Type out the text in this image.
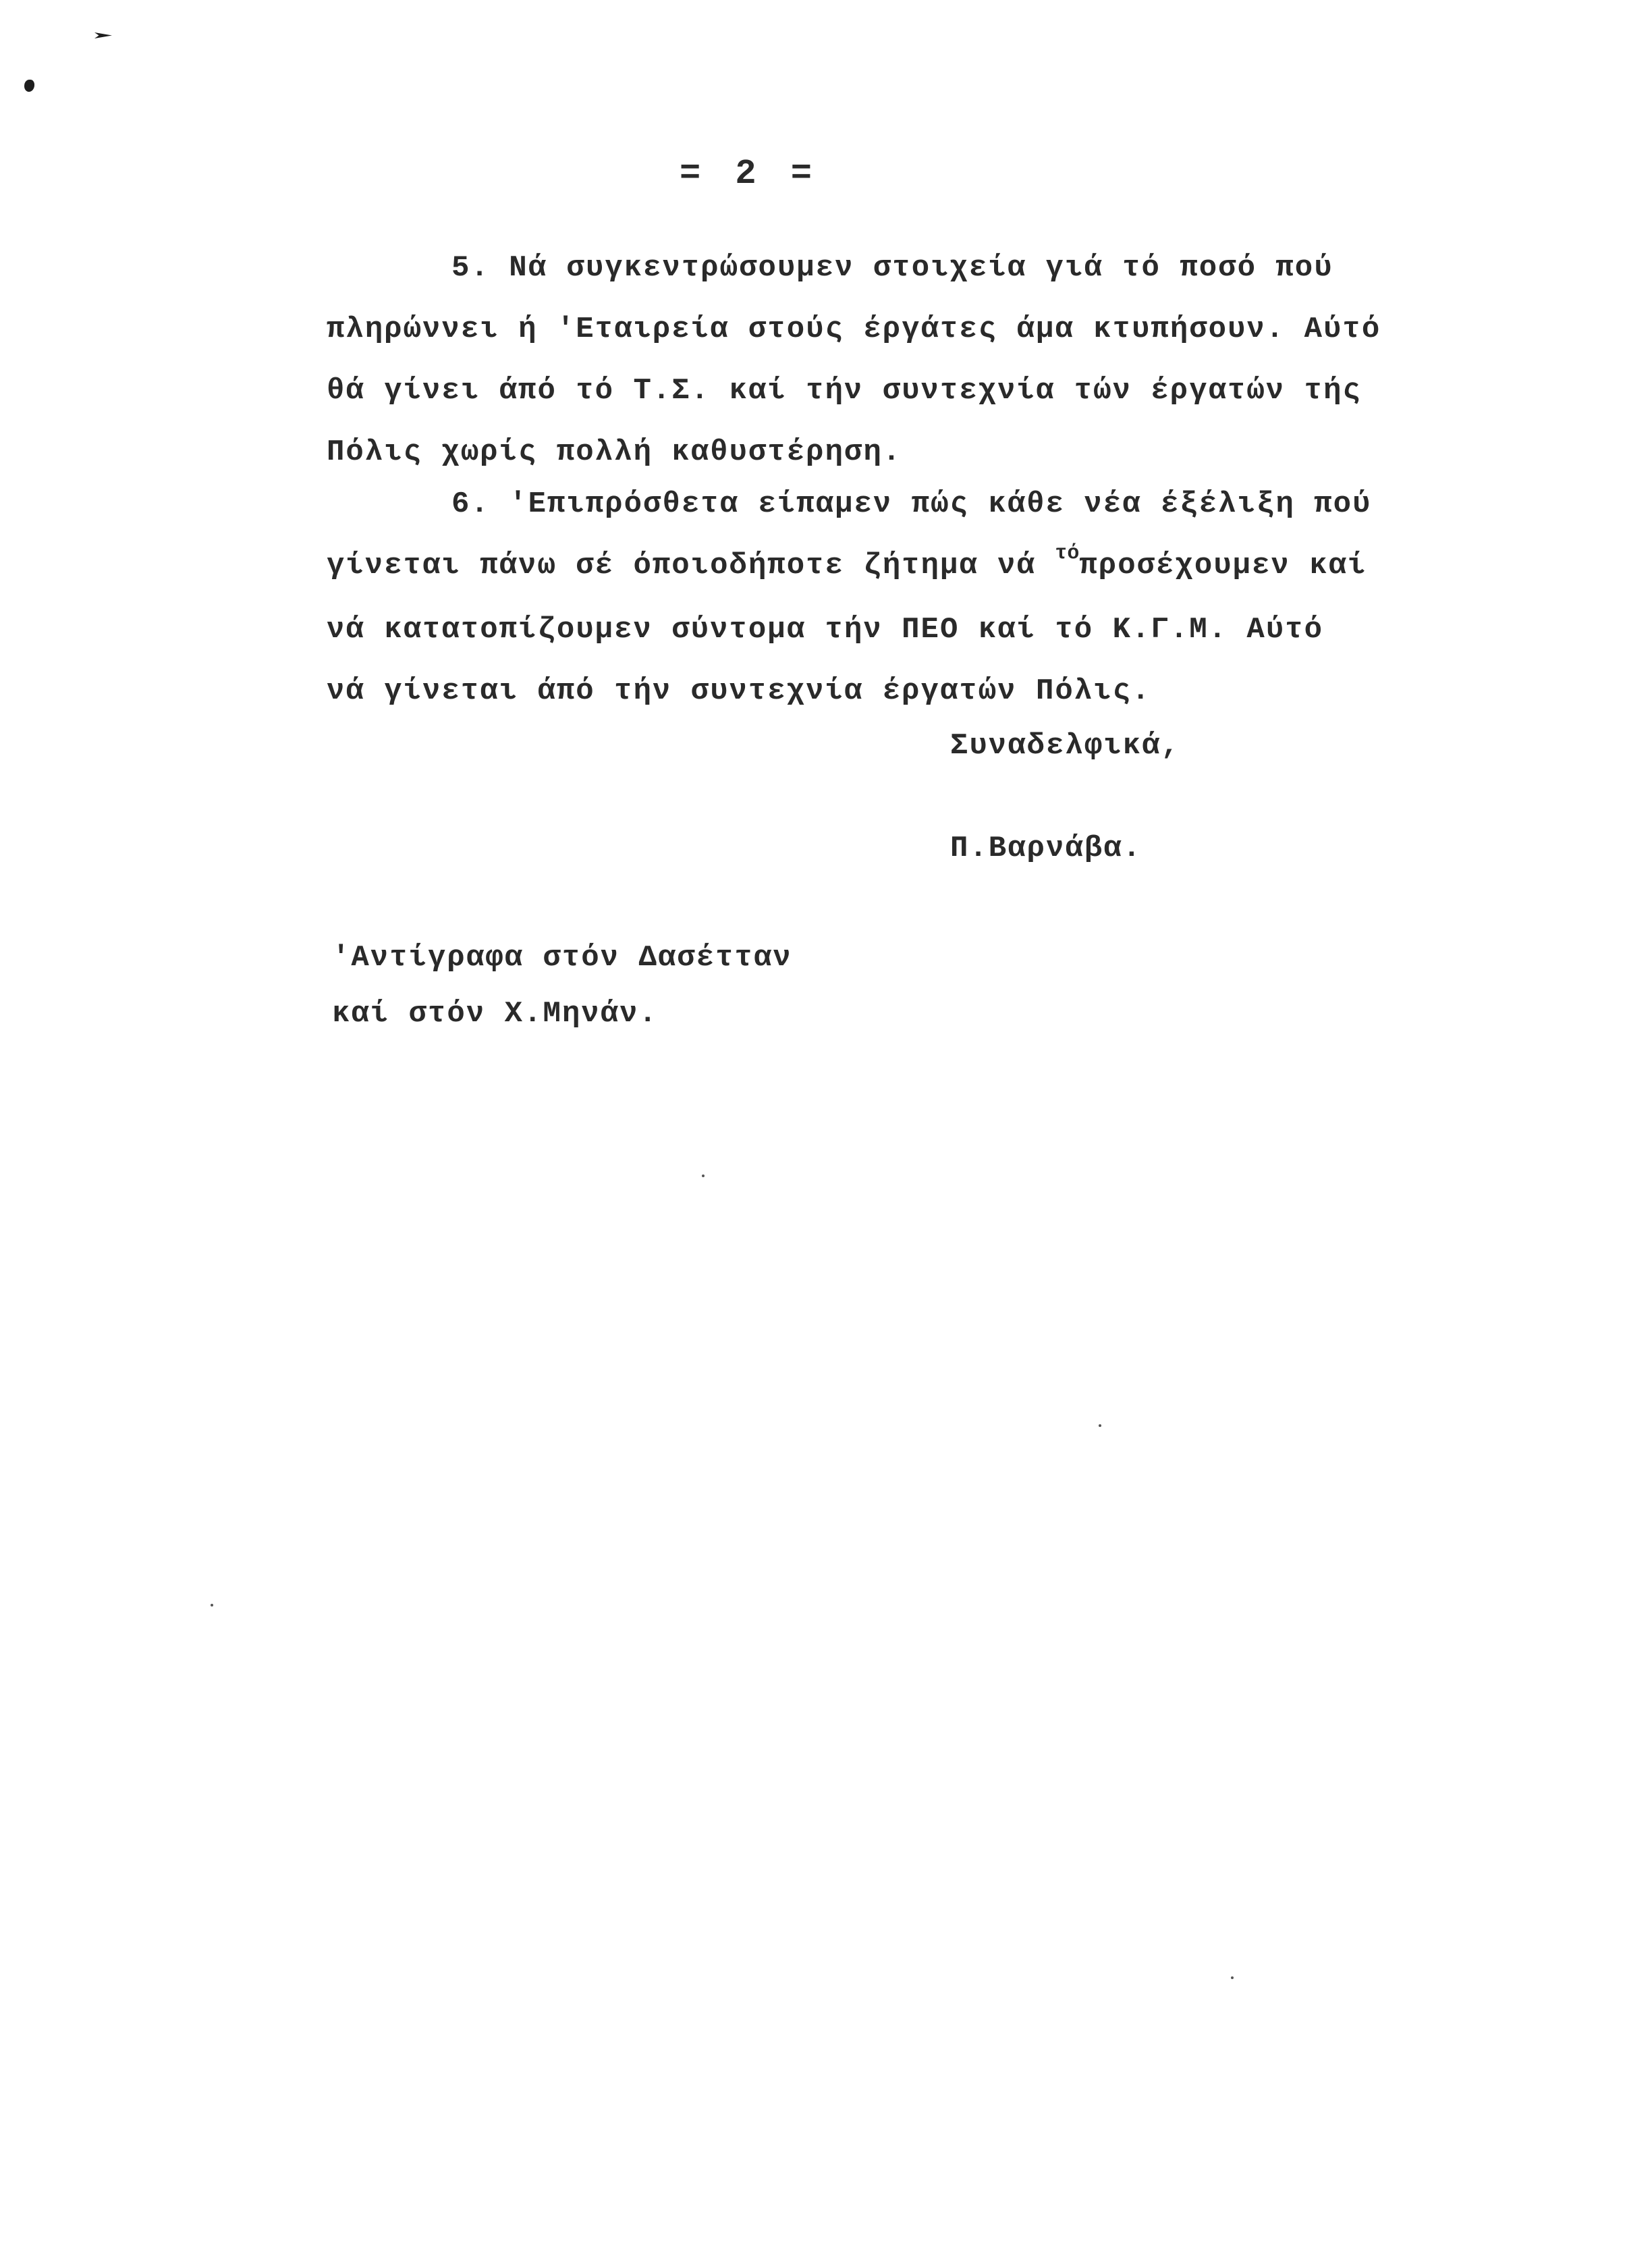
= 2 =
5. Νά συγκεντρώσουμεν στοιχεία γιά τό ποσό πού
πληρώννει ή 'Εταιρεία στούς έργάτες άμα κτυπήσουν. Αύτό
θά γίνει άπό τό Τ.Σ. καί τήν συντεχνία τών έργατών τής
Πόλις χωρίς πολλή καθυστέρηση.
6. 'Επιπρόσθετα είπαμεν πώς κάθε νέα έξέλιξη πού
γίνεται πάνω σέ όποιοδήποτε ζήτημα νά $^{\tau ό}$προσέχουμεν καί
νά κατατοπίζουμεν σύντομα τήν ΠΕΟ καί τό Κ.Γ.Μ. Αύτό
νά γίνεται άπό τήν συντεχνία έργατών Πόλις.
Συναδελφικά,
Π.Βαρνάβα.
'Αντίγραφα στόν Δασέτταν
καί στόν Χ.Μηνάν.
